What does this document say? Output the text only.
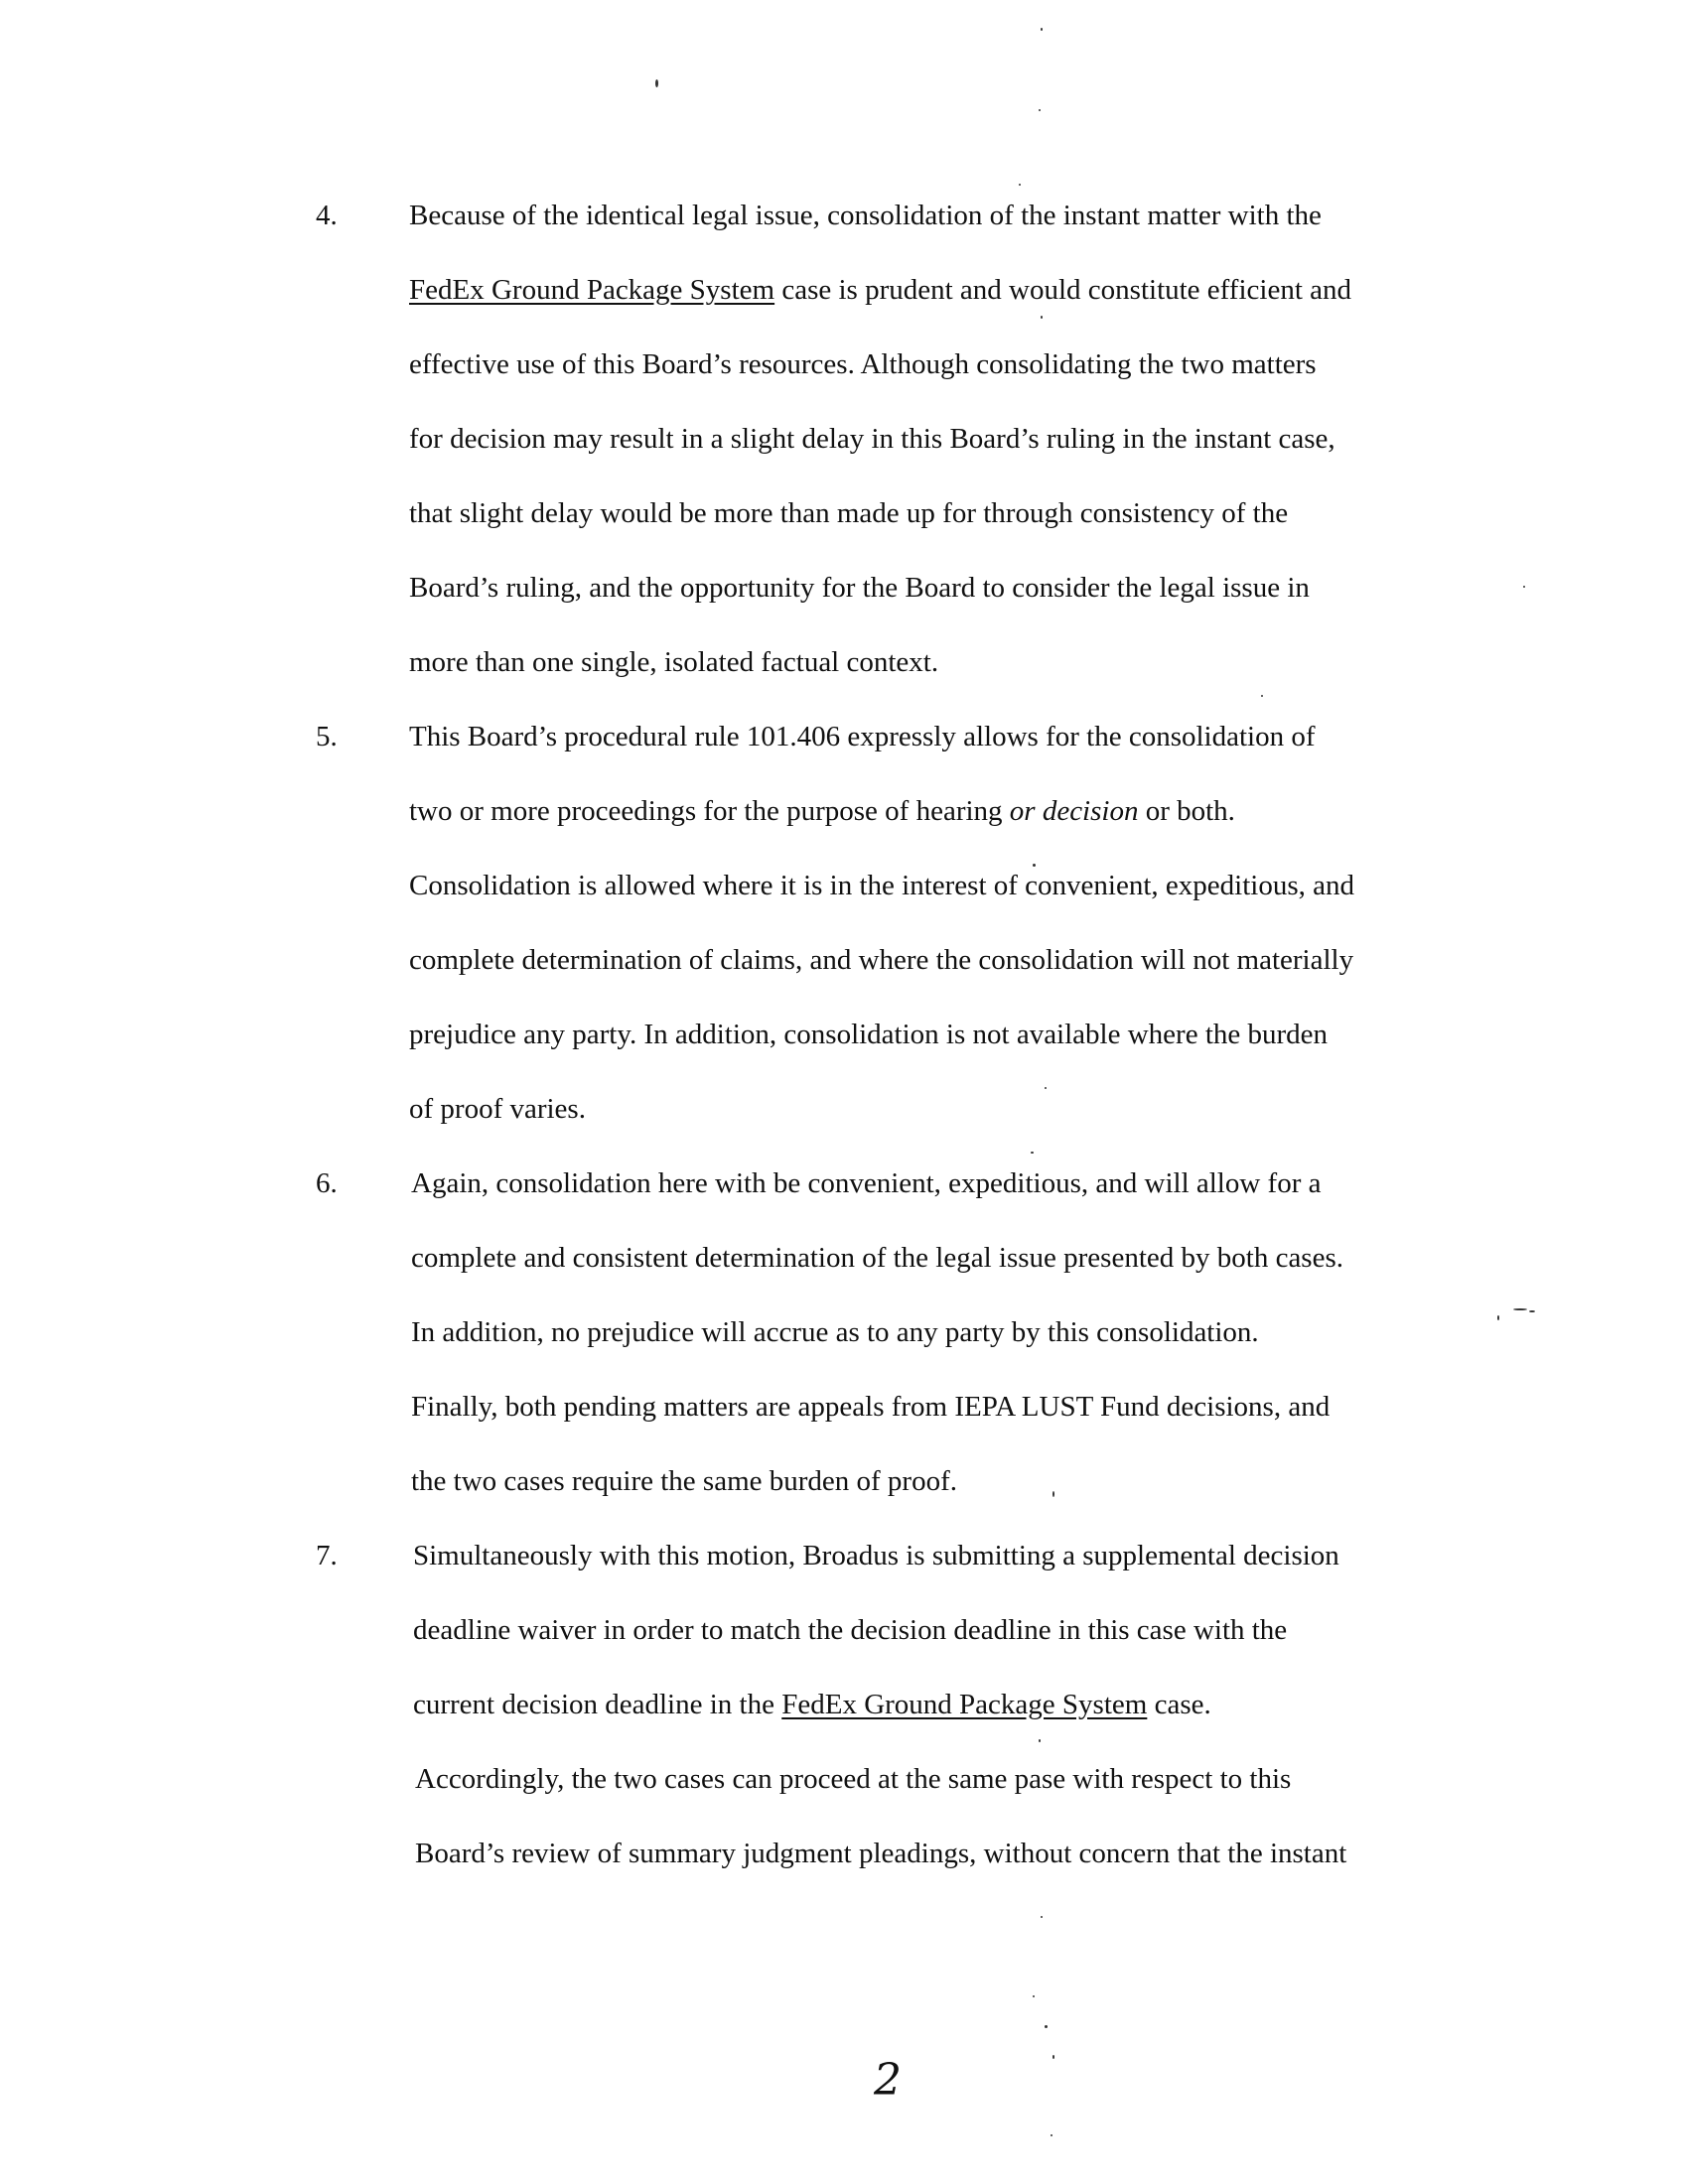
4. Because of the identical legal issue, consolidation of the instant matter with the
FedEx Ground Package System case is prudent and would constitute efficient and
effective use of this Board’s resources. Although consolidating the two matters
for decision may result in a slight delay in this Board’s ruling in the instant case,
that slight delay would be more than made up for through consistency of the
Board’s ruling, and the opportunity for the Board to consider the legal issue in
more than one single, isolated factual context.
5. This Board’s procedural rule 101.406 expressly allows for the consolidation of
two or more proceedings for the purpose of hearing or decision or both.
Consolidation is allowed where it is in the interest of convenient, expeditious, and
complete determination of claims, and where the consolidation will not materially
prejudice any party. In addition, consolidation is not available where the burden
of proof varies.
6.	Again, consolidation here with be convenient, expeditious, and will allow for a
complete and consistent determination of the legal issue presented by both cases.
In addition, no prejudice will accrue as to any party by this consolidation.
Finally, both pending matters are appeals from IEPA LUST Fund decisions, and
the two cases require the same burden of proof.
7.	Simultaneously with this motion, Broadus is submitting a supplemental decision
deadline waiver in order to match the decision deadline in this case with the
current decision deadline in the FedEx Ground Package System case.
Accordingly, the two cases can proceed at the same pase with respect to this
Board’s review of summary judgment pleadings, without concern that the instant
2
